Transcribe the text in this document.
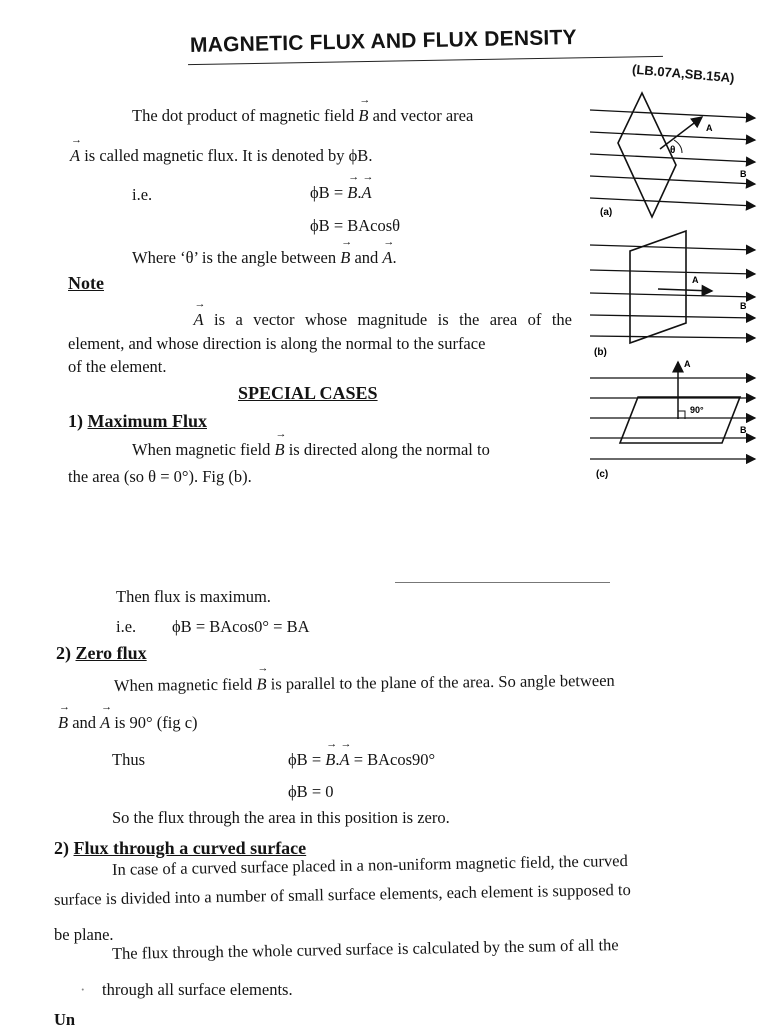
MAGNETIC FLUX AND FLUX DENSITY
(LB.07A,SB.15A)
The dot product of magnetic field → B and vector area
→ A is called magnetic flux. It is denoted by ϕB.
i.e.	ϕB = → B.→ A
ϕB = BAcosθ
Where ‘θ’ is the angle between → B and → A.
Note
→ A is a vector whose magnitude is the area of the
element, and whose direction is along the normal to the surface
of the element.
SPECIAL CASES
1) Maximum Flux
When magnetic field → B is directed along the normal to
the area (so θ = 0°). Fig (b).
Then flux is maximum.
i.e. ϕB = BAcos0° = BA
2) Zero flux
When magnetic field → B is parallel to the plane of the area. So angle between
→ B and → A is 90° (fig c)
Thus	ϕB = → B.→ A = BAcos90°
ϕB = 0
So the flux through the area in this position is zero.
2) Flux through a curved surface
In case of a curved surface placed in a non-uniform magnetic field, the curved
surface is divided into a number of small surface elements, each element is supposed to
be plane.
The flux through the whole curved surface is calculated by the sum of all the
·    through all surface elements.
Un
A
θ
B
(a)
A
B
(b)
A
90°
B
(c)
